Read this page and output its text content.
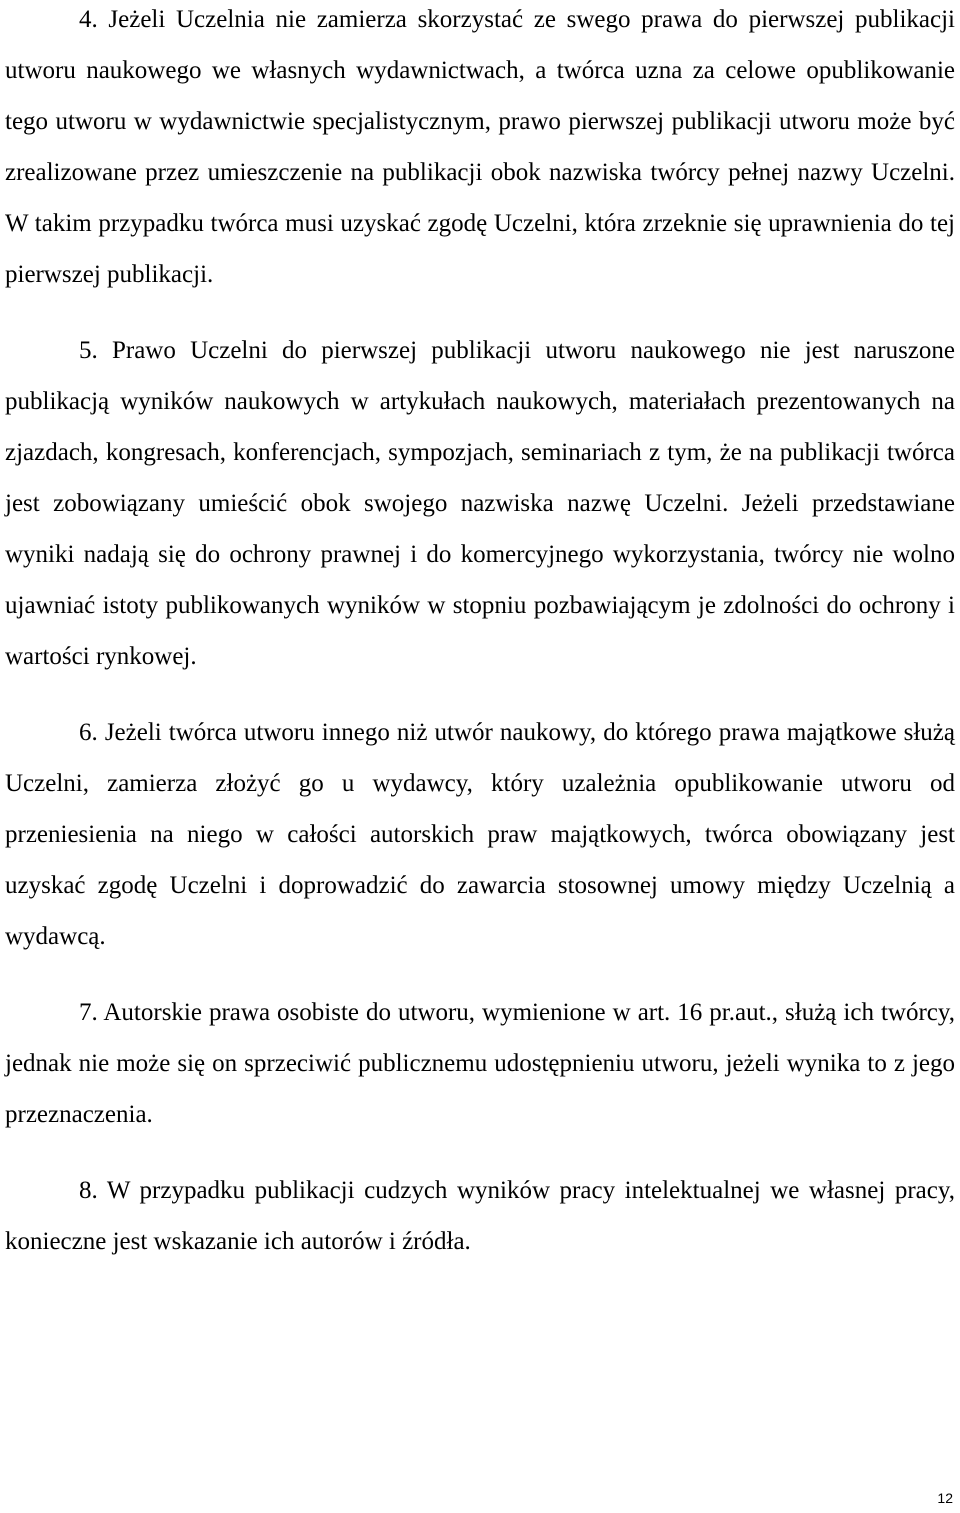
4. Jeżeli Uczelnia nie zamierza skorzystać ze swego prawa do pierwszej publikacji utworu naukowego we własnych wydawnictwach, a twórca uzna za celowe opublikowanie tego utworu w wydawnictwie specjalistycznym, prawo pierwszej publikacji utworu może być zrealizowane przez umieszczenie na publikacji obok nazwiska twórcy pełnej nazwy Uczelni. W takim przypadku twórca musi uzyskać zgodę Uczelni, która zrzeknie się uprawnienia do tej pierwszej publikacji.

5. Prawo Uczelni do pierwszej publikacji utworu naukowego nie jest naruszone publikacją wyników naukowych w artykułach naukowych, materiałach prezentowanych na zjazdach, kongresach, konferencjach, sympozjach, seminariach z tym, że na publikacji twórca jest zobowiązany umieścić obok swojego nazwiska nazwę Uczelni. Jeżeli przedstawiane wyniki nadają się do ochrony prawnej i do komercyjnego wykorzystania, twórcy nie wolno ujawniać istoty publikowanych wyników w stopniu pozbawiającym je zdolności do ochrony i wartości rynkowej.

6. Jeżeli twórca utworu innego niż utwór naukowy, do którego prawa majątkowe służą Uczelni, zamierza złożyć go u wydawcy, który uzależnia opublikowanie utworu od przeniesienia na niego w całości autorskich praw majątkowych, twórca obowiązany jest uzyskać zgodę Uczelni i doprowadzić do zawarcia stosownej umowy między Uczelnią a wydawcą.

7. Autorskie prawa osobiste do utworu, wymienione w art. 16 pr.aut., służą ich twórcy, jednak nie może się on sprzeciwić publicznemu udostępnieniu utworu, jeżeli wynika to z jego przeznaczenia.

8. W przypadku publikacji cudzych wyników pracy intelektualnej we własnej pracy, konieczne jest wskazanie ich autorów i źródła.

12
